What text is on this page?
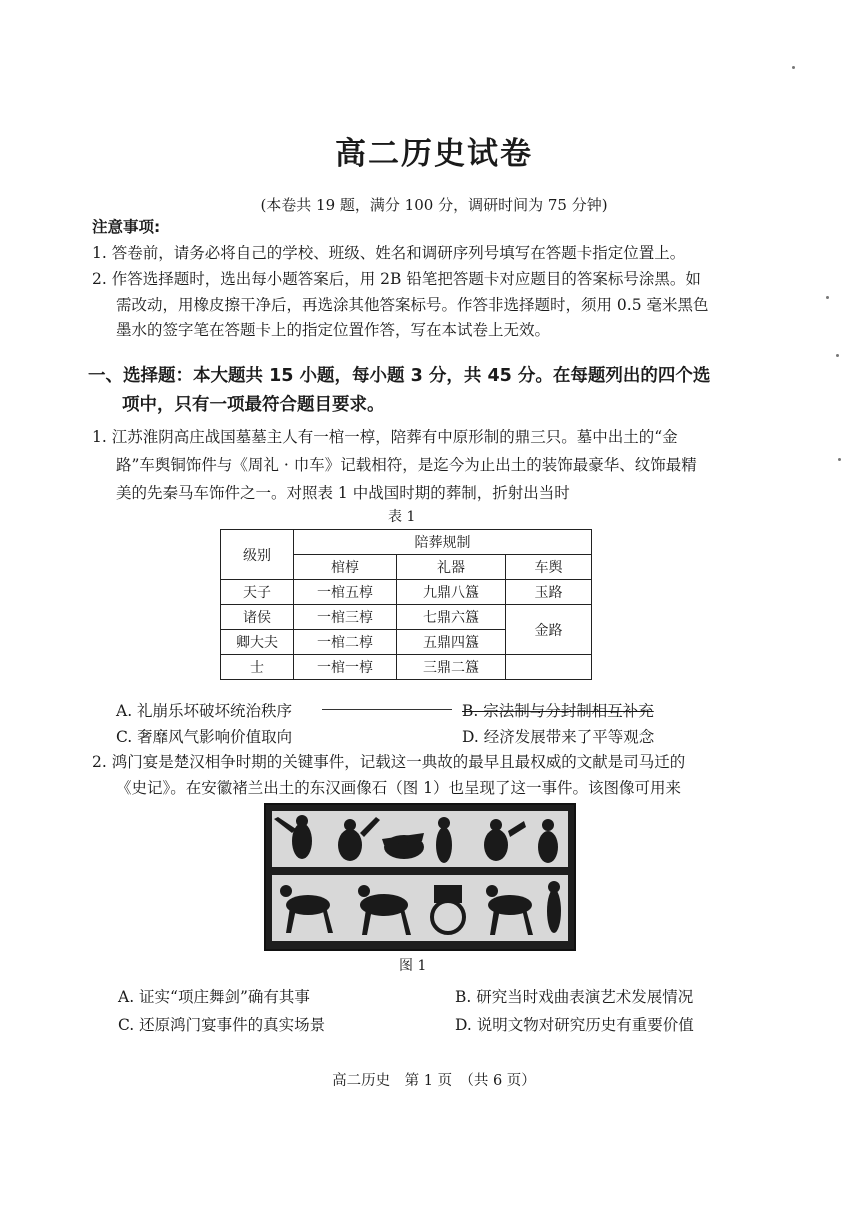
高二历史试卷
(本卷共 19 题，满分 100 分，调研时间为 75 分钟)
注意事项:
1. 答卷前，请务必将自己的学校、班级、姓名和调研序列号填写在答题卡指定位置上。
2. 作答选择题时，选出每小题答案后，用 2B 铅笔把答题卡对应题目的答案标号涂黑。如
需改动，用橡皮擦干净后，再选涂其他答案标号。作答非选择题时，须用 0.5 毫米黑色
墨水的签字笔在答题卡上的指定位置作答，写在本试卷上无效。
一、选择题：本大题共 15 小题，每小题 3 分，共 45 分。在每题列出的四个选
项中，只有一项最符合题目要求。
1. 江苏淮阴高庄战国墓墓主人有一棺一椁，陪葬有中原形制的鼎三只。墓中出土的“金
路”车舆铜饰件与《周礼 · 巾车》记载相符，是迄今为止出土的装饰最豪华、纹饰最精
美的先秦马车饰件之一。对照表 1 中战国时期的葬制，折射出当时
表 1
级别	陪葬规制		
	棺椁	礼器	车舆
天子	一棺五椁	九鼎八簋	玉路
诸侯	一棺三椁	七鼎六簋	金路
卿大夫	一棺二椁	五鼎四簋	
士	一棺一椁	三鼎二簋	
A. 礼崩乐坏破坏统治秩序	B. 宗法制与分封制相互补充
C. 奢靡风气影响价值取向	D. 经济发展带来了平等观念
2. 鸿门宴是楚汉相争时期的关键事件，记载这一典故的最早且最权威的文献是司马迁的
《史记》。在安徽褚兰出土的东汉画像石（图 1）也呈现了这一事件。该图像可用来
图 1
A. 证实“项庄舞剑”确有其事	B. 研究当时戏曲表演艺术发展情况
C. 还原鸿门宴事件的真实场景	D. 说明文物对研究历史有重要价值
高二历史　第 1 页　（共 6 页）
